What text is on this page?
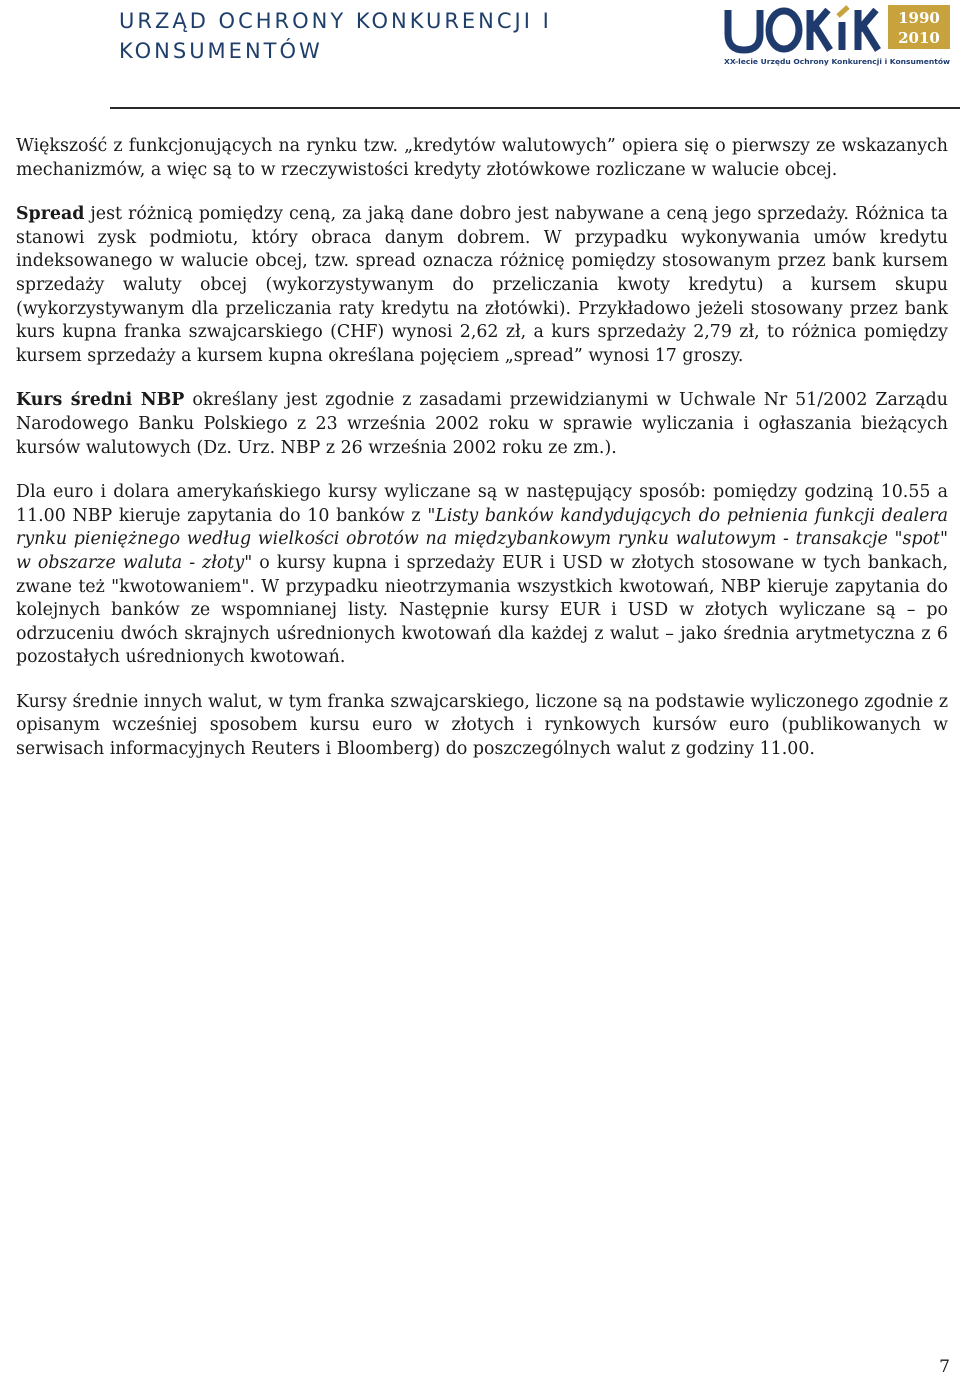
URZĄD OCHRONY KONKURENCJI I
KONSUMENTÓW
1990
2010
XX-lecie Urzędu Ochrony Konkurencji i Konsumentów

Większość z funkcjonujących na rynku tzw. „kredytów walutowych” opiera się o pierwszy ze wskazanych mechanizmów, a więc są to w rzeczywistości kredyty złotówkowe rozliczane w walucie obcej.

Spread jest różnicą pomiędzy ceną, za jaką dane dobro jest nabywane a ceną jego sprzedaży. Różnica ta stanowi zysk podmiotu, który obraca danym dobrem. W przypadku wykonywania umów kredytu indeksowanego w walucie obcej, tzw. spread oznacza różnicę pomiędzy stosowanym przez bank kursem sprzedaży waluty obcej (wykorzystywanym do przeliczania kwoty kredytu) a kursem skupu (wykorzystywanym dla przeliczania raty kredytu na złotówki). Przykładowo jeżeli stosowany przez bank kurs kupna franka szwajcarskiego (CHF) wynosi 2,62 zł, a kurs sprzedaży 2,79 zł, to różnica pomiędzy kursem sprzedaży a kursem kupna określana pojęciem „spread” wynosi 17 groszy.

Kurs średni NBP określany jest zgodnie z zasadami przewidzianymi w Uchwale Nr 51/2002 Zarządu Narodowego Banku Polskiego z 23 września 2002 roku w sprawie wyliczania i ogłaszania bieżących kursów walutowych (Dz. Urz. NBP z 26 września 2002 roku ze zm.).

Dla euro i dolara amerykańskiego kursy wyliczane są w następujący sposób: pomiędzy godziną 10.55 a 11.00 NBP kieruje zapytania do 10 banków z "Listy banków kandydujących do pełnienia funkcji dealera rynku pieniężnego według wielkości obrotów na międzybankowym rynku walutowym - transakcje "spot" w obszarze waluta - złoty" o kursy kupna i sprzedaży EUR i USD w złotych stosowane w tych bankach, zwane też "kwotowaniem". W przypadku nieotrzymania wszystkich kwotowań, NBP kieruje zapytania do kolejnych banków ze wspomnianej listy. Następnie kursy EUR i USD w złotych wyliczane są – po odrzuceniu dwóch skrajnych uśrednionych kwotowań dla każdej z walut – jako średnia arytmetyczna z 6 pozostałych uśrednionych kwotowań.

Kursy średnie innych walut, w tym franka szwajcarskiego, liczone są na podstawie wyliczonego zgodnie z opisanym wcześniej sposobem kursu euro w złotych i rynkowych kursów euro (publikowanych w serwisach informacyjnych Reuters i Bloomberg) do poszczególnych walut z godziny 11.00.

7
